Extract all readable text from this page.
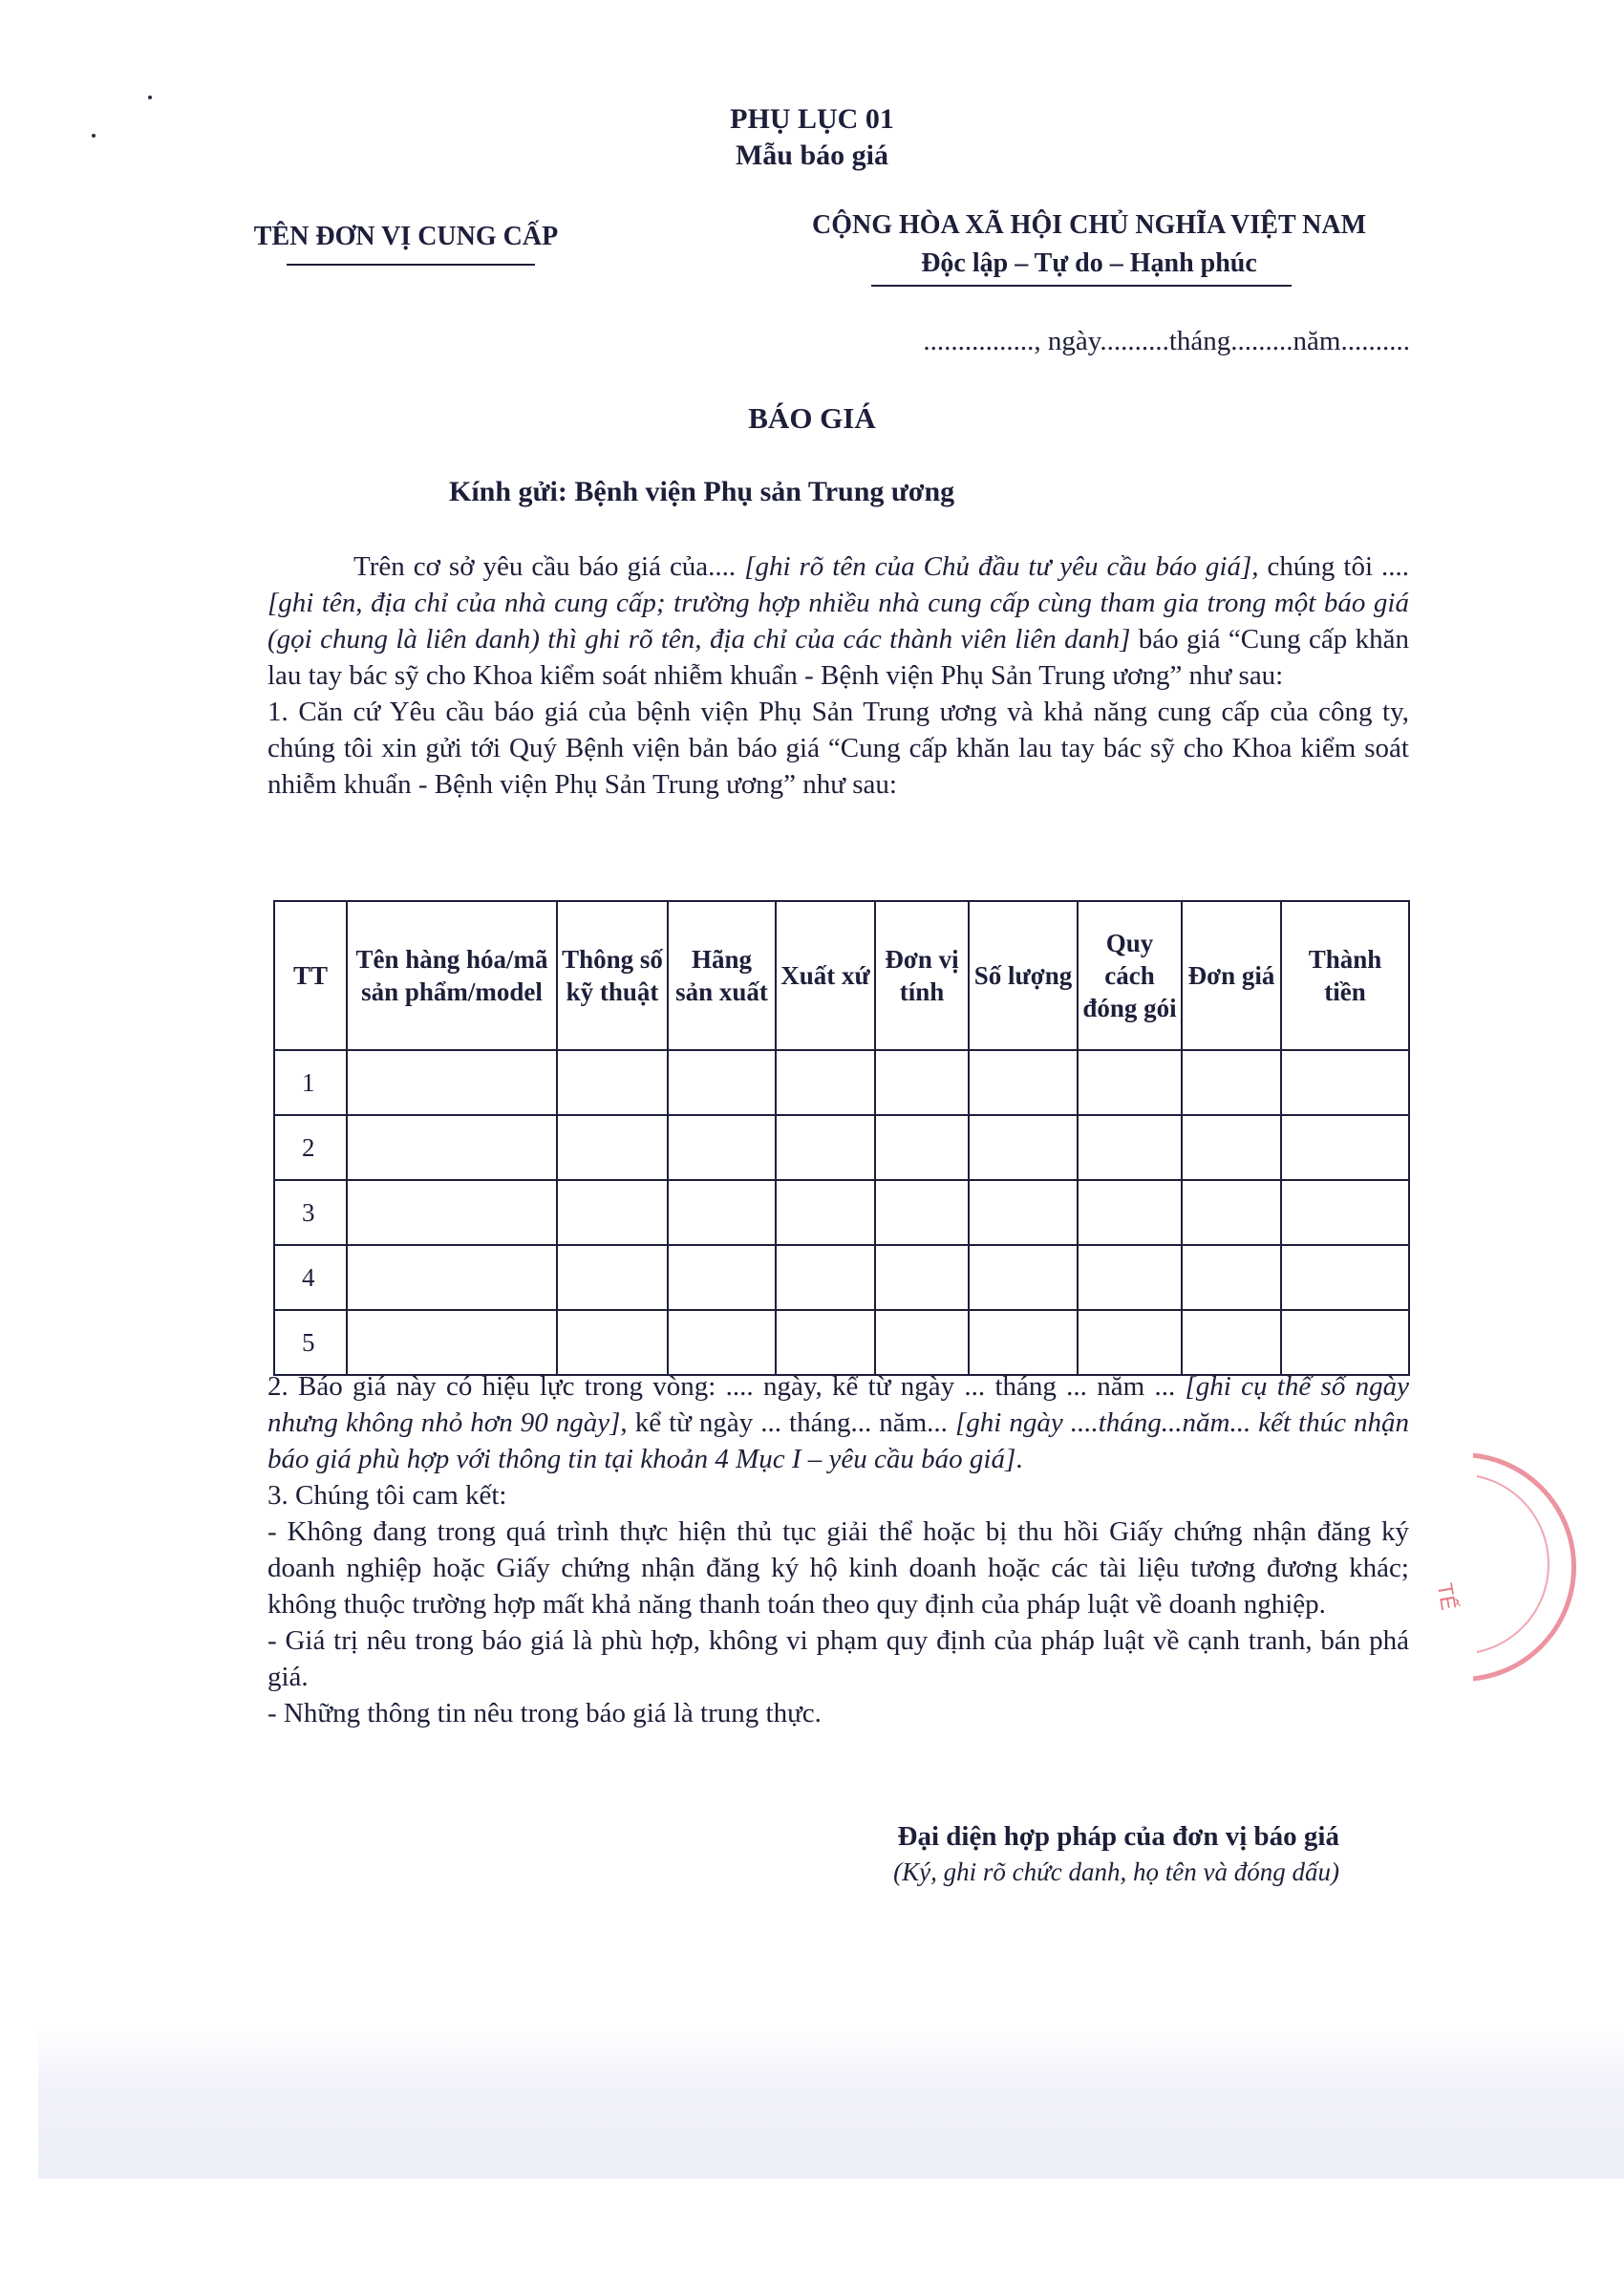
PHỤ LỤC 01
Mẫu báo giá
TÊN ĐƠN VỊ CUNG CẤP	CỘNG HÒA XÃ HỘI CHỦ NGHĨA VIỆT NAM
Độc lập – Tự do – Hạnh phúc
................, ngày..........tháng.........năm..........
BÁO GIÁ
Kính gửi: Bệnh viện Phụ sản Trung ương

Trên cơ sở yêu cầu báo giá của.... [ghi rõ tên của Chủ đầu tư yêu cầu báo giá], chúng tôi .... [ghi tên, địa chỉ của nhà cung cấp; trường hợp nhiều nhà cung cấp cùng tham gia trong một báo giá (gọi chung là liên danh) thì ghi rõ tên, địa chỉ của các thành viên liên danh] báo giá “Cung cấp khăn lau tay bác sỹ cho Khoa kiểm soát nhiễm khuẩn - Bệnh viện Phụ Sản Trung ương” như sau:

1. Căn cứ Yêu cầu báo giá của bệnh viện Phụ Sản Trung ương và khả năng cung cấp của công ty, chúng tôi xin gửi tới Quý Bệnh viện bản báo giá “Cung cấp khăn lau tay bác sỹ cho Khoa kiểm soát nhiễm khuẩn - Bệnh viện Phụ Sản Trung ương” như sau:

TT	Tên hàng hóa/mã sản phẩm/model	Thông số kỹ thuật	Hãng sản xuất	Xuất xứ	Đơn vị tính	Số lượng	Quy cách đóng gói	Đơn giá	Thành tiền
1									
2									
3									
4									
5									

2. Báo giá này có hiệu lực trong vòng: .... ngày, kể từ ngày ... tháng ... năm ... [ghi cụ thể số ngày nhưng không nhỏ hơn 90 ngày], kể từ ngày ... tháng... năm... [ghi ngày ....tháng...năm... kết thúc nhận báo giá phù hợp với thông tin tại khoản 4 Mục I – yêu cầu báo giá].

3. Chúng tôi cam kết:

- Không đang trong quá trình thực hiện thủ tục giải thể hoặc bị thu hồi Giấy chứng nhận đăng ký doanh nghiệp hoặc Giấy chứng nhận đăng ký hộ kinh doanh hoặc các tài liệu tương đương khác; không thuộc trường hợp mất khả năng thanh toán theo quy định của pháp luật về doanh nghiệp.

- Giá trị nêu trong báo giá là phù hợp, không vi phạm quy định của pháp luật về cạnh tranh, bán phá giá.

- Những thông tin nêu trong báo giá là trung thực.

Đại diện hợp pháp của đơn vị báo giá
(Ký, ghi rõ chức danh, họ tên và đóng dấu)
TẾ
